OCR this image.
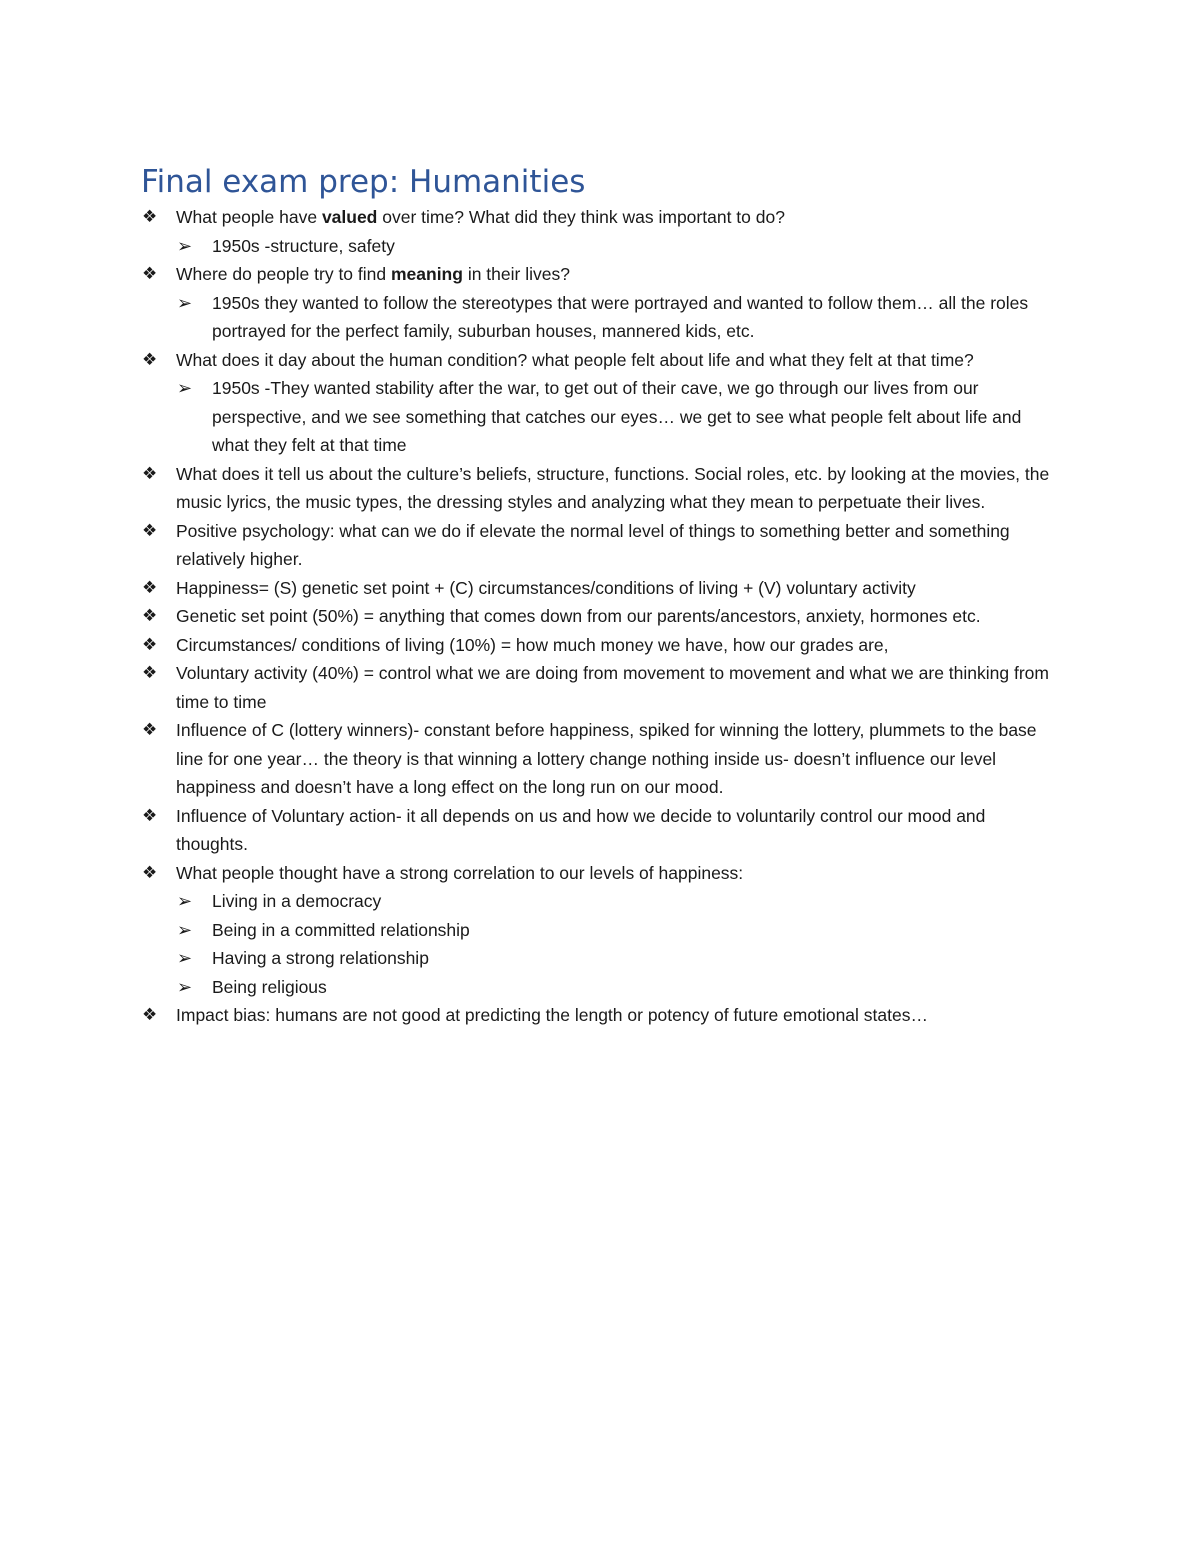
Final exam prep: Humanities
❖ What people have valued over time? What did they think was important to do?
➢ 1950s -structure, safety
❖ Where do people try to find meaning in their lives?
➢ 1950s they wanted to follow the stereotypes that were portrayed and wanted to follow them… all the roles portrayed for the perfect family, suburban houses, mannered kids, etc.
❖ What does it day about the human condition? what people felt about life and what they felt at that time?
➢ 1950s -They wanted stability after the war, to get out of their cave, we go through our lives from our perspective, and we see something that catches our eyes… we get to see what people felt about life and what they felt at that time
❖ What does it tell us about the culture’s beliefs, structure, functions. Social roles, etc. by looking at the movies, the music lyrics, the music types, the dressing styles and analyzing what they mean to perpetuate their lives.
❖ Positive psychology: what can we do if elevate the normal level of things to something better and something relatively higher.
❖ Happiness= (S) genetic set point + (C) circumstances/conditions of living + (V) voluntary activity
❖ Genetic set point (50%) = anything that comes down from our parents/ancestors, anxiety, hormones etc.
❖ Circumstances/ conditions of living (10%) = how much money we have, how our grades are,
❖ Voluntary activity (40%) = control what we are doing from movement to movement and what we are thinking from time to time
❖ Influence of C (lottery winners)- constant before happiness, spiked for winning the lottery, plummets to the base line for one year… the theory is that winning a lottery change nothing inside us- doesn’t influence our level happiness and doesn’t have a long effect on the long run on our mood.
❖ Influence of Voluntary action- it all depends on us and how we decide to voluntarily control our mood and thoughts.
❖ What people thought have a strong correlation to our levels of happiness:
➢ Living in a democracy
➢ Being in a committed relationship
➢ Having a strong relationship
➢ Being religious
❖ Impact bias: humans are not good at predicting the length or potency of future emotional states…
